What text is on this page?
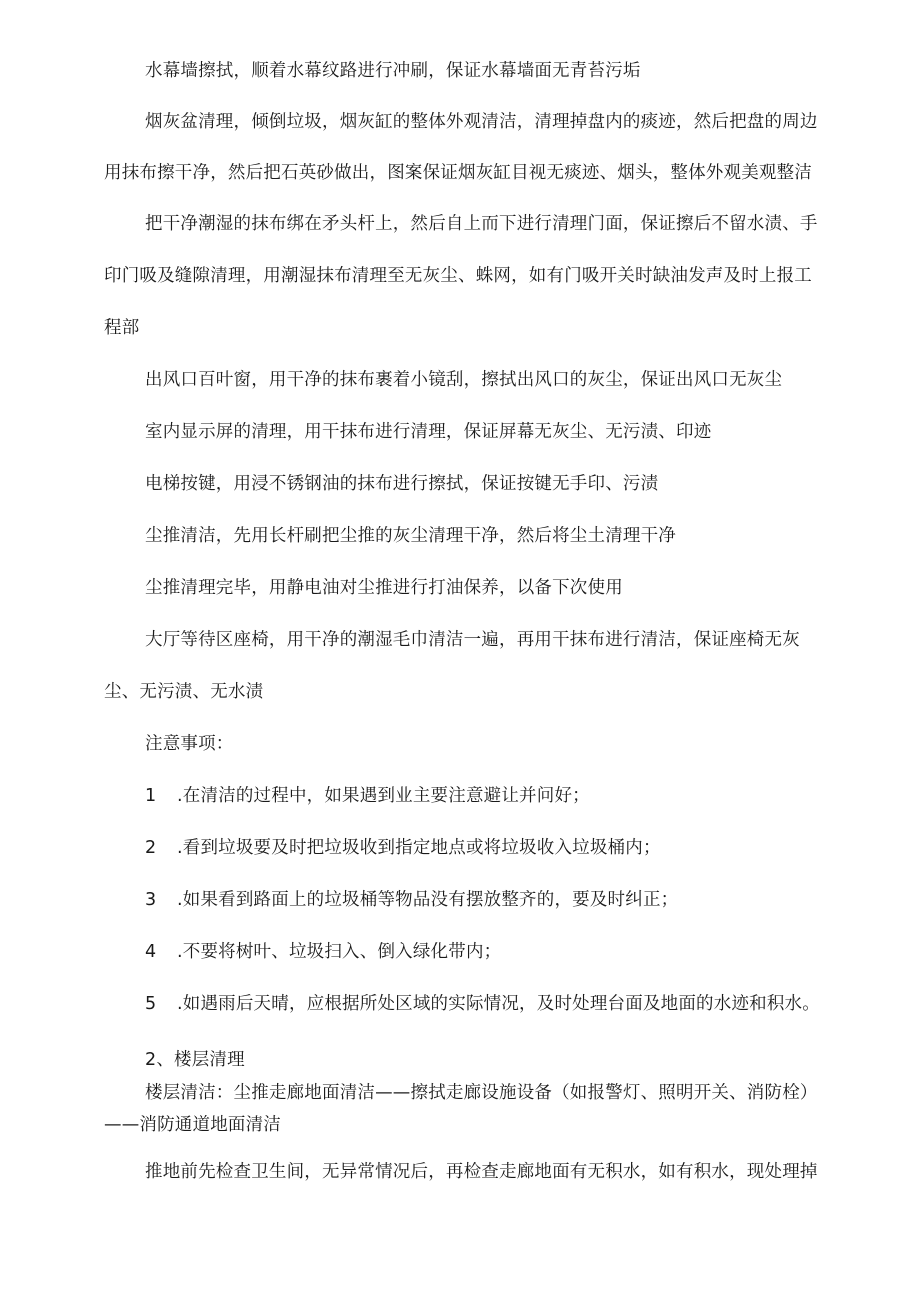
水幕墙擦拭，顺着水幕纹路进行冲刷，保证水幕墙面无青苔污垢
烟灰盆清理，倾倒垃圾，烟灰缸的整体外观清洁，清理掉盘内的痰迹，然后把盘的周边
用抹布擦干净，然后把石英砂做出，图案保证烟灰缸目视无痰迹、烟头，整体外观美观整洁
把干净潮湿的抹布绑在矛头杆上，然后自上而下进行清理门面，保证擦后不留水渍、手
印门吸及缝隙清理，用潮湿抹布清理至无灰尘、蛛网，如有门吸开关时缺油发声及时上报工
程部
出风口百叶窗，用干净的抹布裹着小镜刮，擦拭出风口的灰尘，保证出风口无灰尘
室内显示屏的清理，用干抹布进行清理，保证屏幕无灰尘、无污渍、印迹
电梯按键，用浸不锈钢油的抹布进行擦拭，保证按键无手印、污渍
尘推清洁，先用长杆刷把尘推的灰尘清理干净，然后将尘土清理干净
尘推清理完毕，用静电油对尘推进行打油保养，以备下次使用
大厅等待区座椅，用干净的潮湿毛巾清洁一遍，再用干抹布进行清洁，保证座椅无灰
尘、无污渍、无水渍
注意事项：
1 .在清洁的过程中，如果遇到业主要注意避让并问好；
2 .看到垃圾要及时把垃圾收到指定地点或将垃圾收入垃圾桶内；
3 .如果看到路面上的垃圾桶等物品没有摆放整齐的，要及时纠正；
4 .不要将树叶、垃圾扫入、倒入绿化带内；
5 .如遇雨后天晴，应根据所处区域的实际情况，及时处理台面及地面的水迹和积水。
2、楼层清理
楼层清洁：尘推走廊地面清洁——擦拭走廊设施设备（如报警灯、照明开关、消防栓）
——消防通道地面清洁
推地前先检查卫生间，无异常情况后，再检查走廊地面有无积水，如有积水，现处理掉
